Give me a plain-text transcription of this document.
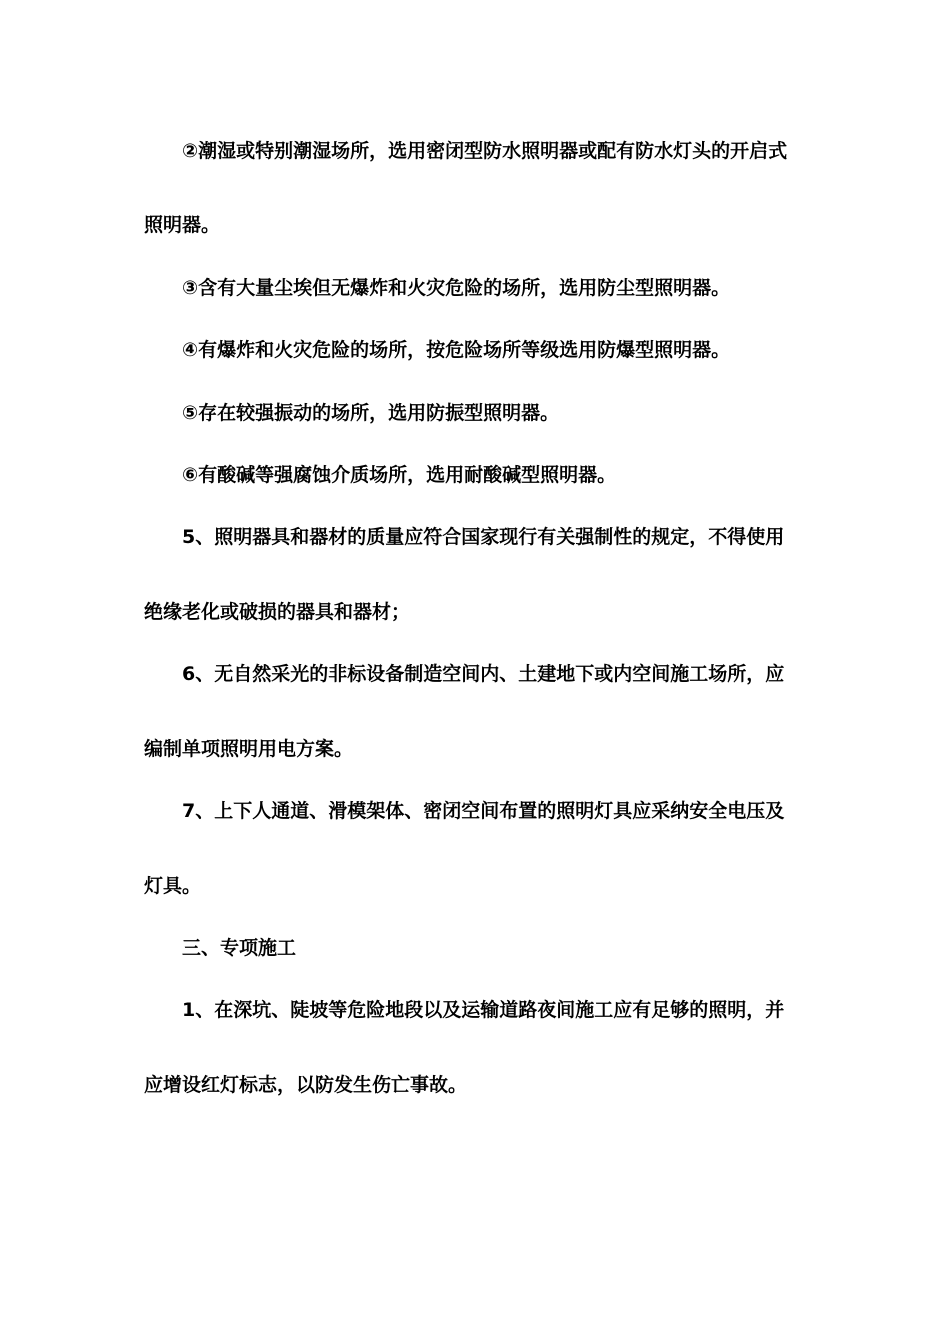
②潮湿或特别潮湿场所，选用密闭型防水照明器或配有防水灯头的开启式
照明器。
③含有大量尘埃但无爆炸和火灾危险的场所，选用防尘型照明器。
④有爆炸和火灾危险的场所，按危险场所等级选用防爆型照明器。
⑤存在较强振动的场所，选用防振型照明器。
⑥有酸碱等强腐蚀介质场所，选用耐酸碱型照明器。
5、照明器具和器材的质量应符合国家现行有关强制性的规定，不得使用
绝缘老化或破损的器具和器材；
6、无自然采光的非标设备制造空间内、土建地下或内空间施工场所，应
编制单项照明用电方案。
7、上下人通道、滑模架体、密闭空间布置的照明灯具应采纳安全电压及
灯具。
三、专项施工
1、在深坑、陡坡等危险地段以及运输道路夜间施工应有足够的照明，并
应增设红灯标志，以防发生伤亡事故。
